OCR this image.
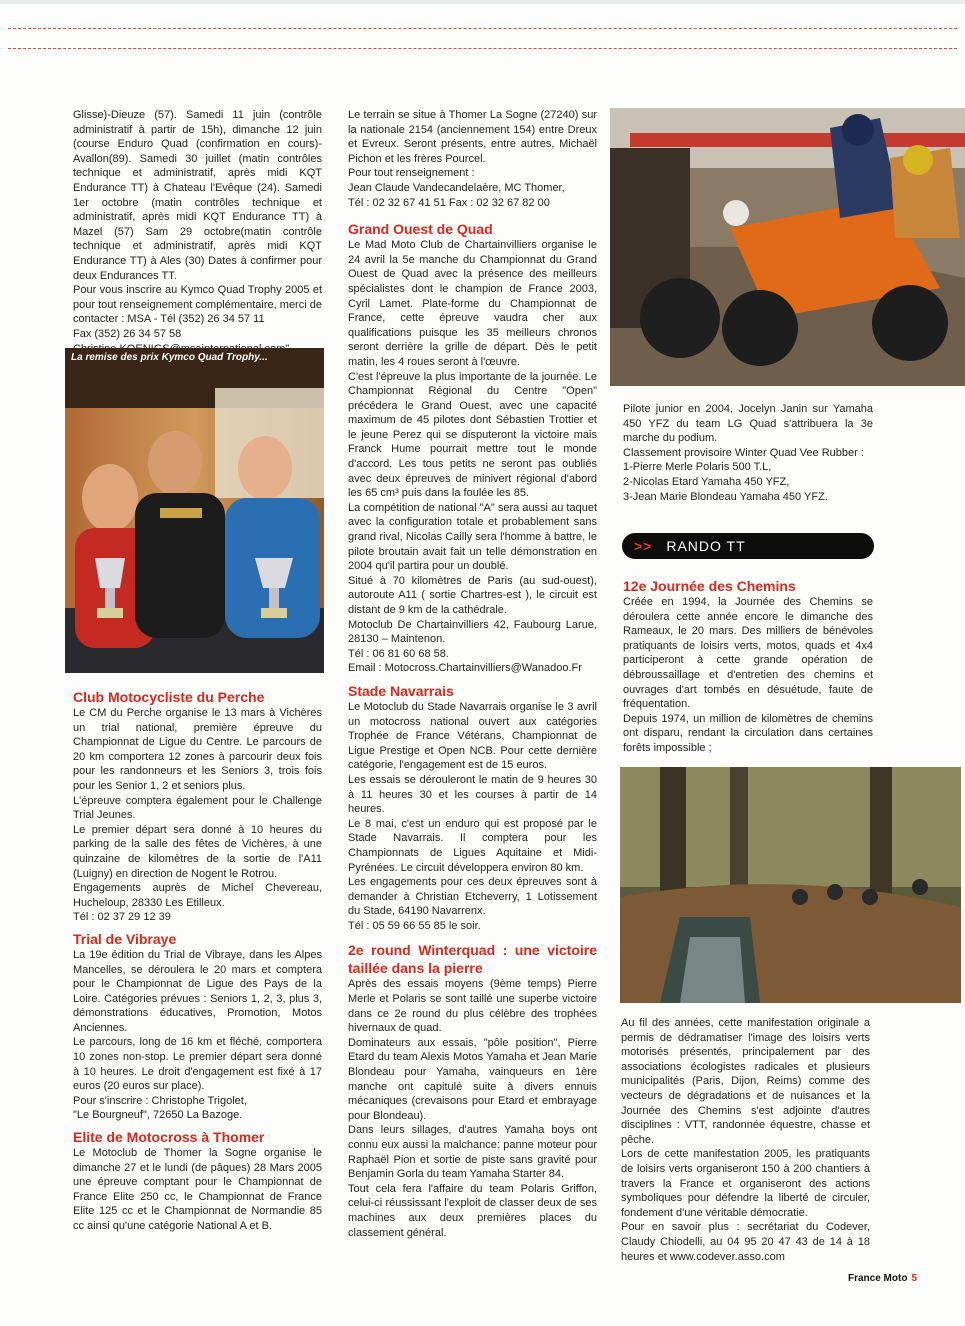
Glisse)-Dieuze (57). Samedi 11 juin (contrôle administratif à partir de 15h), dimanche 12 juin (course Enduro Quad (confirmation en cours)-Avallon(89). Samedi 30 juillet (matin contrôles technique et administratif, après midi KQT Endurance TT) à Chateau l'Evêque (24). Samedi 1er octobre (matin contrôles technique et administratif, après midi KQT Endurance TT) à Mazel (57) Sam 29 octobre(matin contrôle technique et administratif, après midi KQT Endurance TT) à Ales (30) Dates à confirmer pour deux Endurances TT.

Pour vous inscrire au Kymco Quad Trophy 2005 et pour tout renseignement complémentaire, merci de contacter : MSA - Tél (352) 26 34 57 11

Fax (352) 26 34 57 58

La remise des prix Kymco Quad Trophy...
Club Motocycliste du Perche

Le CM du Perche organise le 13 mars à Vichères un trial national, première épreuve du Championnat de Ligue du Centre. Le parcours de 20 km comportera 12 zones à parcourir deux fois pour les randonneurs et les Seniors 3, trois fois pour les Senior 1, 2 et seniors plus.

L'épreuve comptera également pour le Challenge Trial Jeunes.

Le premier départ sera donné à 10 heures du parking de la salle des fêtes de Vichères, à une quinzaine de kilomètres de la sortie de l'A11 (Luigny) en direction de Nogent le Rotrou.

Engagements auprès de Michel Chevereau, Hucheloup, 28330 Les Etilleux.

Tél : 02 37 29 12 39

Trial de Vibraye

La 19e édition du Trial de Vibraye, dans les Alpes Mancelles, se déroulera le 20 mars et comptera pour le Championnat de Ligue des Pays de la Loire. Catégories prévues : Seniors 1, 2, 3, plus 3, démonstrations éducatives, Promotion, Motos Anciennes.

Le parcours, long de 16 km et fléché, comportera 10 zones non-stop. Le premier départ sera donné à 10 heures. Le droit d'engagement est fixé à 17 euros (20 euros sur place).

Pour s'inscrire : Christophe Trigolet,

"Le Bourgneuf", 72650 La Bazoge.

Elite de Motocross à Thomer

Le Motoclub de Thomer la Sogne organise le dimanche 27 et le lundi (de pâques) 28 Mars 2005 une épreuve comptant pour le Championnat de France Elite 250 cc, le Championnat de France Elite 125 cc et le Championnat de Normandie 85 cc ainsi qu'une catégorie National A et B.

Le terrain se situe à Thomer La Sogne (27240) sur la nationale 2154 (anciennement 154) entre Dreux et Evreux. Seront présents, entre autres, Michaël Pichon et les frères Pourcel.

Pour tout renseignement :

Jean Claude Vandecandelaère, MC Thomer,

Tél : 02 32 67 41 51 Fax : 02 32 67 82 00

Grand Ouest de Quad

Le Mad Moto Club de Chartainvilliers organise le 24 avril la 5e manche du Championnat du Grand Ouest de Quad avec la présence des meilleurs spécialistes dont le champion de France 2003, Cyril Lamet. Plate-forme du Championnat de France, cette épreuve vaudra cher aux qualifications puisque les 35 meilleurs chronos seront derrière la grille de départ. Dès le petit matin, les 4 roues seront à l'œuvre.

C'est l'épreuve la plus importante de la journée. Le Championnat Régional du Centre "Open" précédera le Grand Ouest, avec une capacité maximum de 45 pilotes dont Sébastien Trottier et le jeune Perez qui se disputeront la victoire mais Franck Hume pourrait mettre tout le monde d'accord. Les tous petits ne seront pas oubliés avec deux épreuves de minivert régional d'abord les 65 cm³ puis dans la foulée les 85.

La compétition de national "A" sera aussi au taquet avec la configuration totale et probablement sans grand rival, Nicolas Cailly sera l'homme à battre, le pilote broutain avait fait un telle démonstration en 2004 qu'il partira pour un doublé.

Situé à 70 kilomètres de Paris (au sud-ouest), autoroute A11 ( sortie Chartres-est ), le circuit est distant de 9 km de la cathédrale.

Motoclub De Chartainvilliers 42, Faubourg Larue, 28130 – Maintenon.

Tél : 06 81 60 68 58.

Email : Motocross.Chartainvilliers@Wanadoo.Fr

Stade Navarrais

Le Motoclub du Stade Navarrais organise le 3 avril un motocross national ouvert aux catégories Trophée de France Vétérans, Championnat de Ligue Prestige et Open NCB. Pour cette dernière catégorie, l'engagement est de 15 euros.

Les essais se dérouleront le matin de 9 heures 30 à 11 heures 30 et les courses à partir de 14 heures.

Le 8 mai, c'est un enduro qui est proposé par le Stade Navarrais. Il comptera pour les Championnats de Ligues Aquitaine et Midi-Pyrénées. Le circuit développera environ 80 km.

Les engagements pour ces deux épreuves sont à demander à Christian Etcheverry, 1 Lotissement du Stade, 64190 Navarrenx.

Tél : 05 59 66 55 85 le soir.

2e round Winterquad : une victoire taillée dans la pierre

Après des essais moyens (9ème temps) Pierre Merle et Polaris se sont taillé une superbe victoire dans ce 2e round du plus célèbre des trophées hivernaux de quad.

Dominateurs aux essais, "pôle position", Pierre Etard du team Alexis Motos Yamaha et Jean Marie Blondeau pour Yamaha, vainqueurs en 1ère manche ont capitulé suite à divers ennuis mécaniques (crevaisons pour Etard et embrayage pour Blondeau).

Dans leurs sillages, d'autres Yamaha boys ont connu eux aussi la malchance: panne moteur pour Raphaël Pion et sortie de piste sans gravité pour Benjamin Gorla du team Yamaha Starter 84.

Tout cela fera l'affaire du team Polaris Griffon, celui-ci réussissant l'exploit de classer deux de ses machines aux deux premières places du classement général.

Pilote junior en 2004, Jocelyn Janin sur Yamaha 450 YFZ du team LG Quad s'attribuera la 3e marche du podium.

Classement provisoire Winter Quad Vee Rubber :

1-Pierre Merle Polaris 500 T.L,

2-Nicolas Etard Yamaha 450 YFZ,

3-Jean Marie Blondeau Yamaha 450 YFZ.

>> RANDO TT
12e Journée des Chemins

Créée en 1994, la Journée des Chemins se déroulera cette année encore le dimanche des Rameaux, le 20 mars. Des milliers de bénévoles pratiquants de loisirs verts, motos, quads et 4x4 participeront à cette grande opération de débroussaillage et d'entretien des chemins et ouvrages d'art tombés en désuétude, faute de fréquentation.

Depuis 1974, un million de kilomètres de chemins ont disparu, rendant la circulation dans certaines forêts impossible ;

Au fil des années, cette manifestation originale a permis de dédramatiser l'image des loisirs verts motorisés présentés, principalement par des associations écologistes radicales et plusieurs municipalités (Paris, Dijon, Reims) comme des vecteurs de dégradations et de nuisances et la Journée des Chemins s'est adjointe d'autres disciplines : VTT, randonnée équestre, chasse et pêche.

Lors de cette manifestation 2005, les pratiquants de loisirs verts organiseront 150 à 200 chantiers à travers la France et organiseront des actions symboliques pour défendre la liberté de circuler, fondement d'une véritable démocratie.

Pour en savoir plus : secrétariat du Codever, Claudy Chiodelli, au 04 95 20 47 43 de 14 à 18 heures et www.codever.asso.com

France Moto 5
